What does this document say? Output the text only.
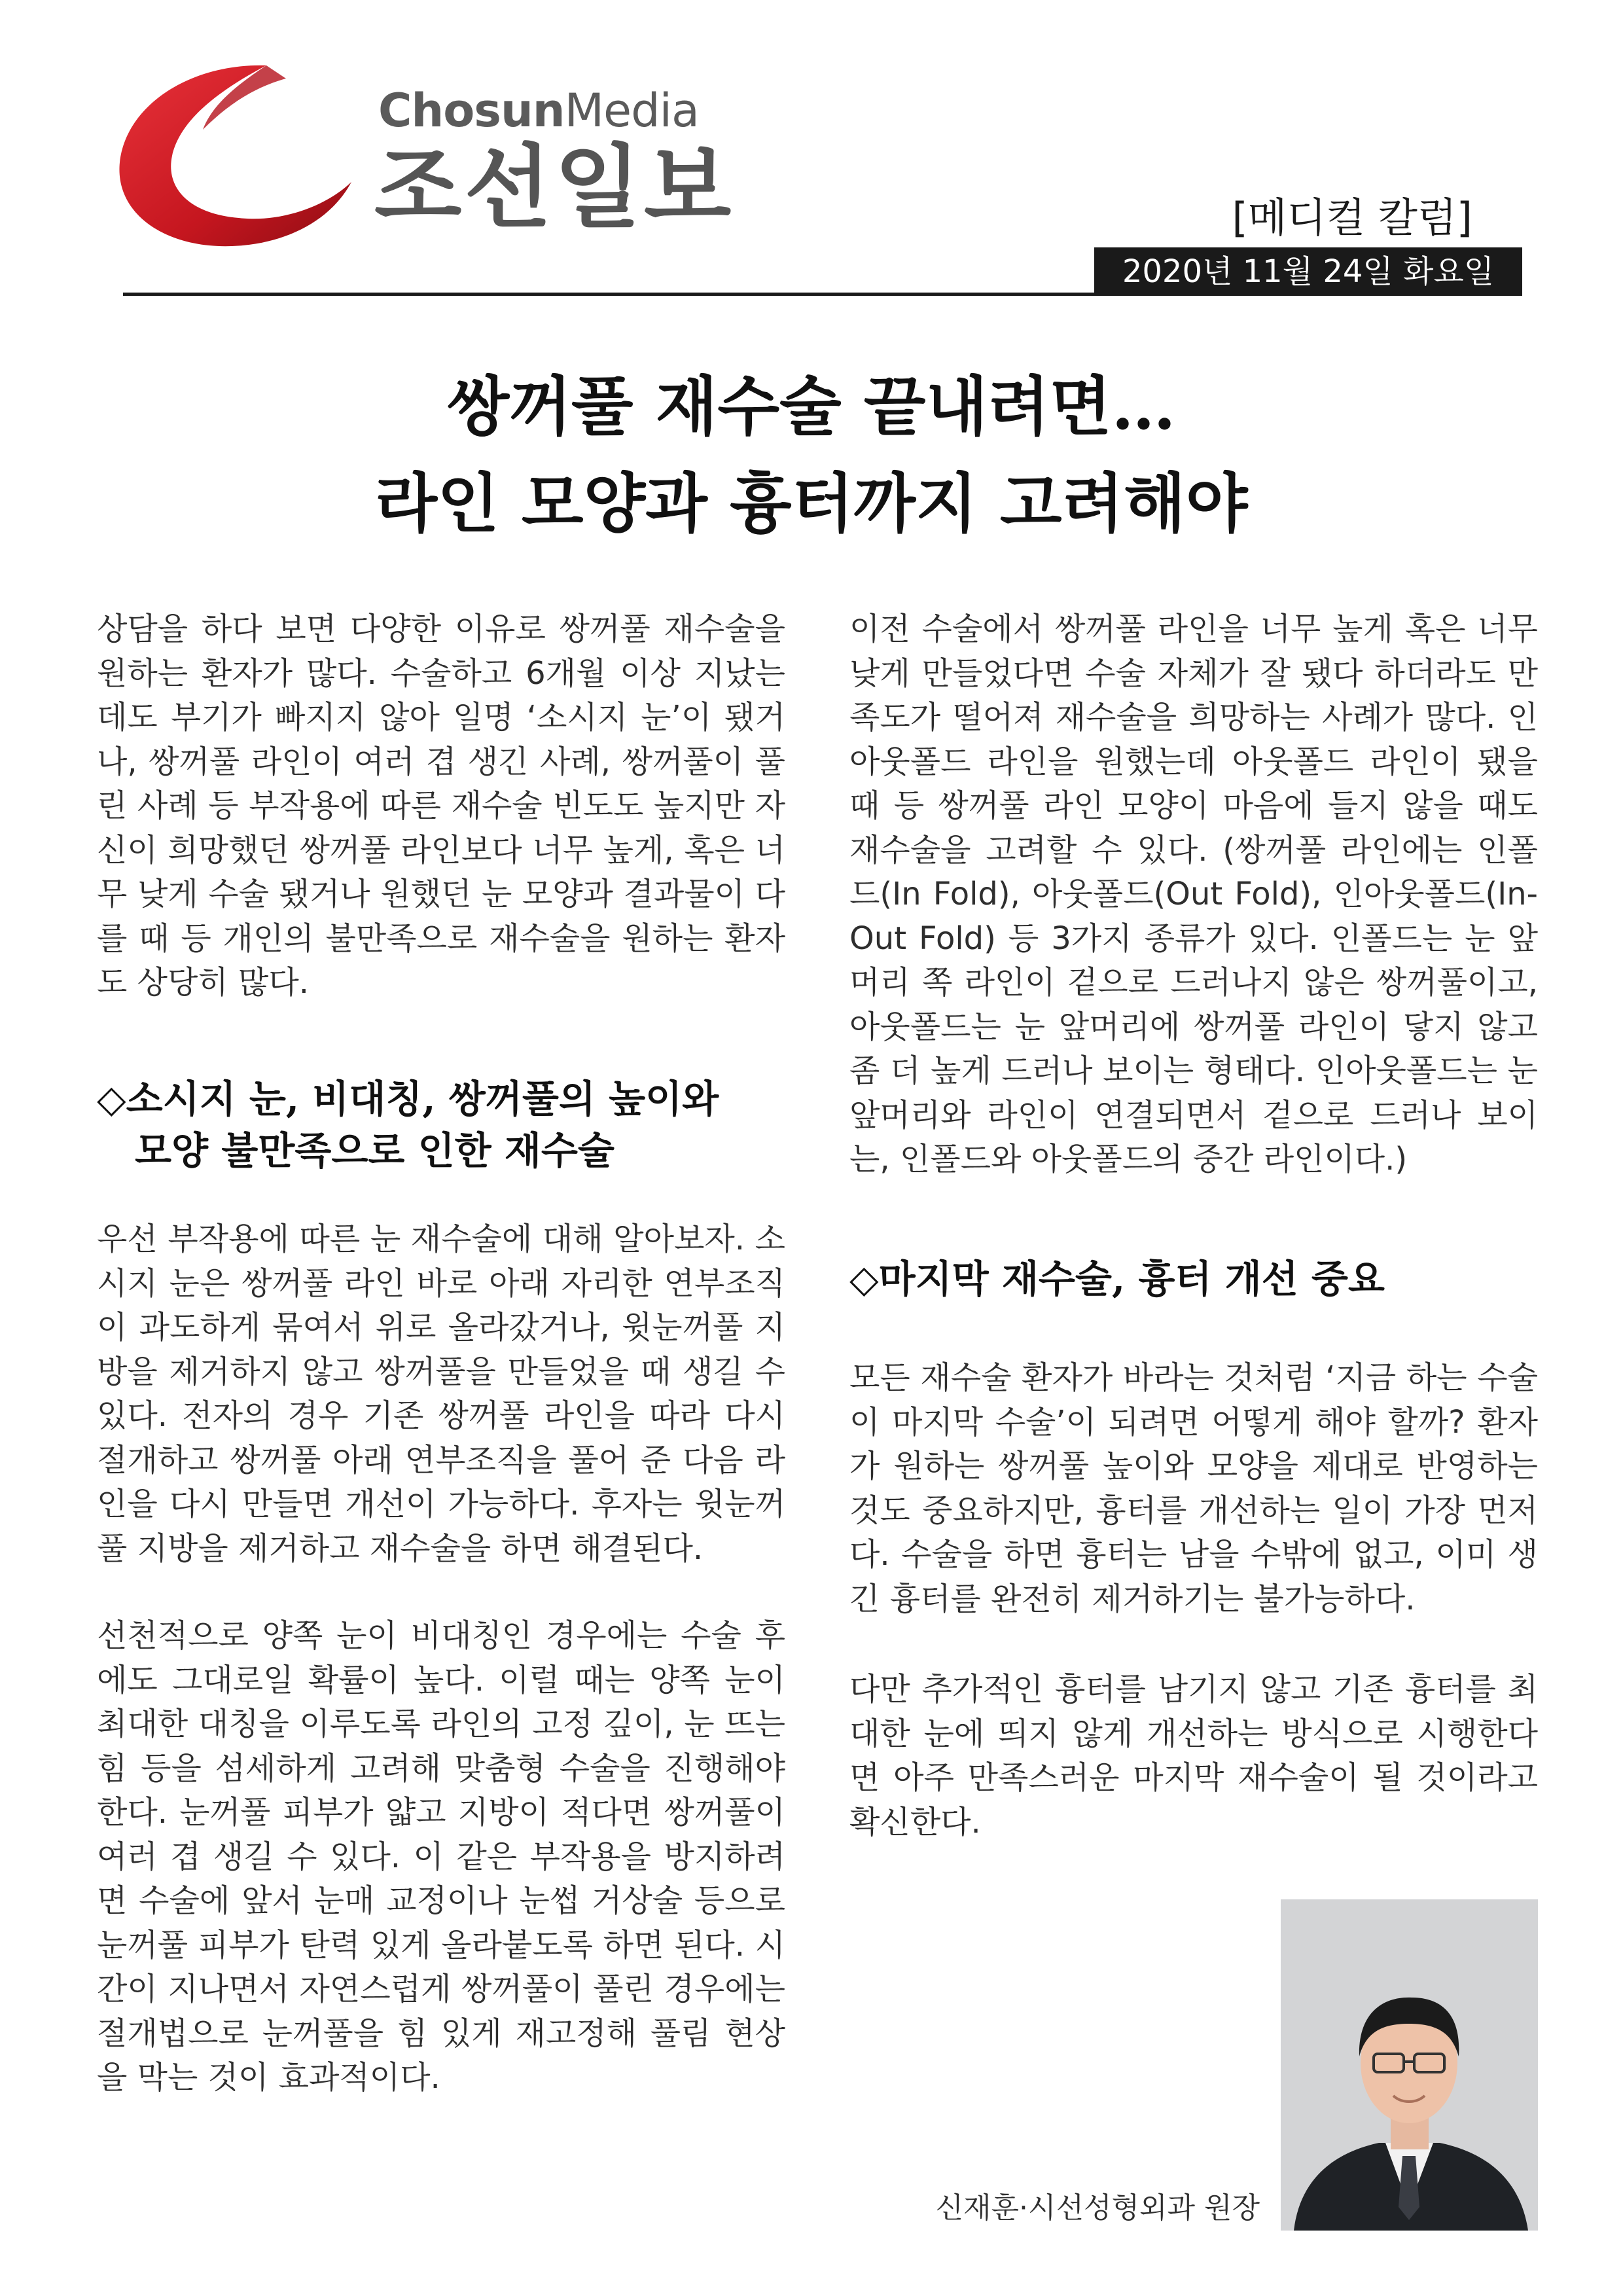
ChosunMedia
조선일보	[메디컬 칼럼]
2020년 11월 24일 화요일
쌍꺼풀 재수술 끝내려면…
라인 모양과 흉터까지 고려해야

상담을 하다 보면 다양한 이유로 쌍꺼풀 재수술을 원하는 환자가 많다. 수술하고 6개월 이상 지났는데도 부기가 빠지지 않아 일명 ‘소시지 눈’이 됐거나, 쌍꺼풀 라인이 여러 겹 생긴 사례, 쌍꺼풀이 풀린 사례 등 부작용에 따른 재수술 빈도도 높지만 자신이 희망했던 쌍꺼풀 라인보다 너무 높게, 혹은 너무 낮게 수술 됐거나 원했던 눈 모양과 결과물이 다를 때 등 개인의 불만족으로 재수술을 원하는 환자도 상당히 많다.

◇소시지 눈, 비대칭, 쌍꺼풀의 높이와
모양 불만족으로 인한 재수술

우선 부작용에 따른 눈 재수술에 대해 알아보자. 소시지 눈은 쌍꺼풀 라인 바로 아래 자리한 연부조직이 과도하게 묶여서 위로 올라갔거나, 윗눈꺼풀 지방을 제거하지 않고 쌍꺼풀을 만들었을 때 생길 수 있다. 전자의 경우 기존 쌍꺼풀 라인을 따라 다시 절개하고 쌍꺼풀 아래 연부조직을 풀어 준 다음 라인을 다시 만들면 개선이 가능하다. 후자는 윗눈꺼풀 지방을 제거하고 재수술을 하면 해결된다.

선천적으로 양쪽 눈이 비대칭인 경우에는 수술 후에도 그대로일 확률이 높다. 이럴 때는 양쪽 눈이 최대한 대칭을 이루도록 라인의 고정 깊이, 눈 뜨는 힘 등을 섬세하게 고려해 맞춤형 수술을 진행해야 한다. 눈꺼풀 피부가 얇고 지방이 적다면 쌍꺼풀이 여러 겹 생길 수 있다. 이 같은 부작용을 방지하려면 수술에 앞서 눈매 교정이나 눈썹 거상술 등으로 눈꺼풀 피부가 탄력 있게 올라붙도록 하면 된다. 시간이 지나면서 자연스럽게 쌍꺼풀이 풀린 경우에는 절개법으로 눈꺼풀을 힘 있게 재고정해 풀림 현상을 막는 것이 효과적이다.

이전 수술에서 쌍꺼풀 라인을 너무 높게 혹은 너무 낮게 만들었다면 수술 자체가 잘 됐다 하더라도 만족도가 떨어져 재수술을 희망하는 사례가 많다. 인아웃폴드 라인을 원했는데 아웃폴드 라인이 됐을 때 등 쌍꺼풀 라인 모양이 마음에 들지 않을 때도 재수술을 고려할 수 있다. (쌍꺼풀 라인에는 인폴드(In Fold), 아웃폴드(Out Fold), 인아웃폴드(In-Out Fold) 등 3가지 종류가 있다. 인폴드는 눈 앞머리 쪽 라인이 겉으로 드러나지 않은 쌍꺼풀이고, 아웃폴드는 눈 앞머리에 쌍꺼풀 라인이 닿지 않고 좀 더 높게 드러나 보이는 형태다. 인아웃폴드는 눈 앞머리와 라인이 연결되면서 겉으로 드러나 보이는, 인폴드와 아웃폴드의 중간 라인이다.)

◇마지막 재수술, 흉터 개선 중요

모든 재수술 환자가 바라는 것처럼 ‘지금 하는 수술이 마지막 수술’이 되려면 어떻게 해야 할까? 환자가 원하는 쌍꺼풀 높이와 모양을 제대로 반영하는 것도 중요하지만, 흉터를 개선하는 일이 가장 먼저다. 수술을 하면 흉터는 남을 수밖에 없고, 이미 생긴 흉터를 완전히 제거하기는 불가능하다.

다만 추가적인 흉터를 남기지 않고 기존 흉터를 최대한 눈에 띄지 않게 개선하는 방식으로 시행한다면 아주 만족스러운 마지막 재수술이 될 것이라고 확신한다.

신재훈·시선성형외과 원장
